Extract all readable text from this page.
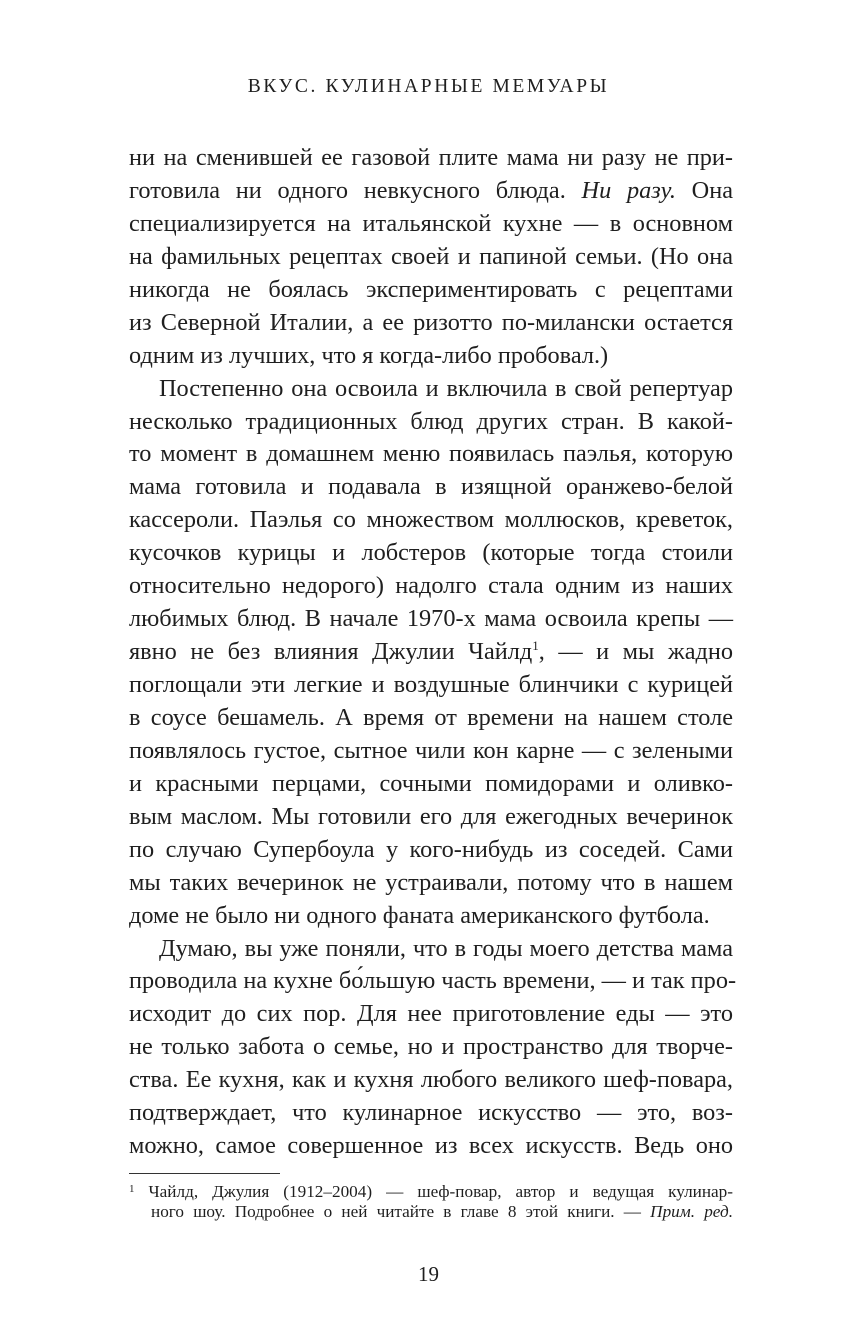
ВКУС. КУЛИНАРНЫЕ МЕМУАРЫ
ни на сменившей ее газовой плите мама ни разу не при-
готовила ни одного невкусного блюда. Ни разу. Она
специализируется на итальянской кухне — в основном
на фамильных рецептах своей и папиной семьи. (Но она
никогда не боялась экспериментировать с рецептами
из Северной Италии, а ее ризотто по-милански остается
одним из лучших, что я когда-либо пробовал.)
Постепенно она освоила и включила в свой репертуар
несколько традиционных блюд других стран. В какой-
то момент в домашнем меню появилась паэлья, которую
мама готовила и подавала в изящной оранжево-белой
кассероли. Паэлья со множеством моллюсков, креветок,
кусочков курицы и лобстеров (которые тогда стоили
относительно недорого) надолго стала одним из наших
любимых блюд. В начале 1970-х мама освоила крепы —
явно не без влияния Джулии Чайлд$^1$, — и мы жадно
поглощали эти легкие и воздушные блинчики с курицей
в соусе бешамель. А время от времени на нашем столе
появлялось густое, сытное чили кон карне — с зелеными
и красными перцами, сочными помидорами и оливко-
вым маслом. Мы готовили его для ежегодных вечеринок
по случаю Супербоула у кого-нибудь из соседей. Сами
мы таких вечеринок не устраивали, потому что в нашем
доме не было ни одного фаната американского футбола.
Думаю, вы уже поняли, что в годы моего детства мама
проводила на кухне бо́льшую часть времени, — и так про-
исходит до сих пор. Для нее приготовление еды — это
не только забота о семье, но и пространство для творче-
ства. Ее кухня, как и кухня любого великого шеф-повара,
подтверждает, что кулинарное искусство — это, воз-
можно, самое совершенное из всех искусств. Ведь оно
$^1$ Чайлд, Джулия (1912–2004) — шеф-повар, автор и ведущая кулинар-
ного шоу. Подробнее о ней читайте в главе 8 этой книги. — Прим. ред.
19
